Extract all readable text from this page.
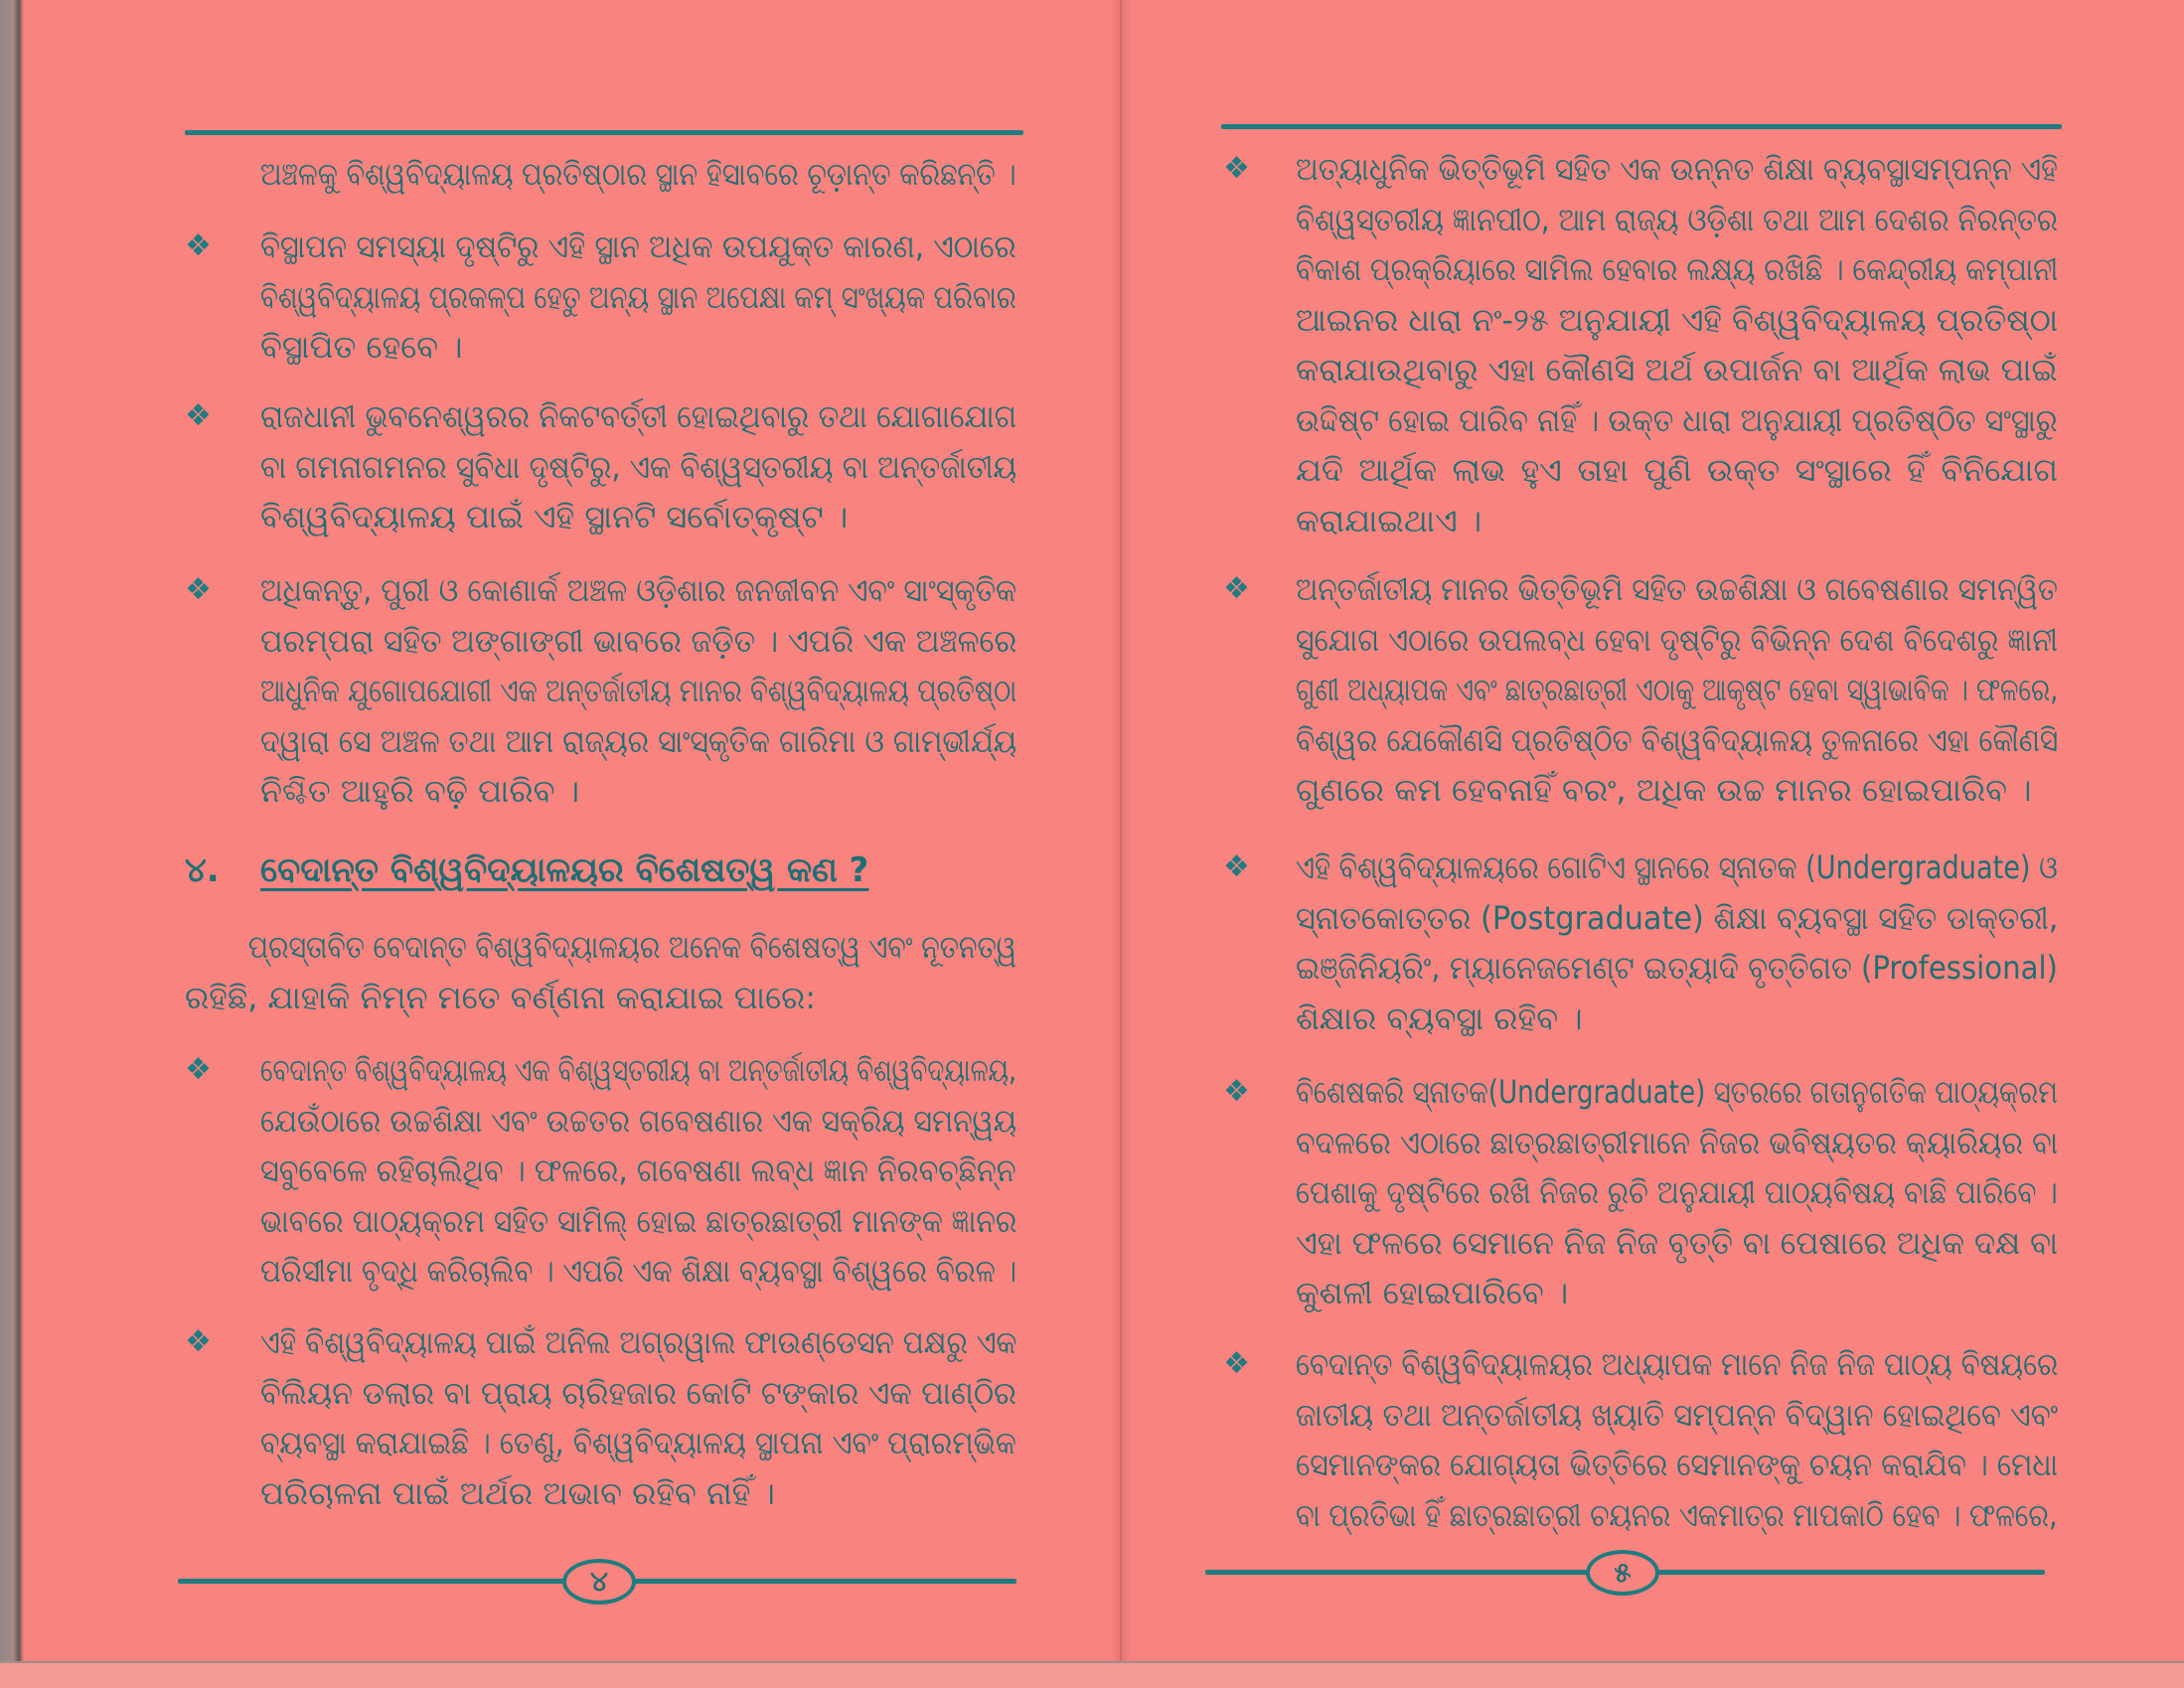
ଅଞ୍ଚଳକୁ ବିଶ୍ୱବିଦ୍ୟାଳୟ ପ୍ରତିଷ୍ଠାର ସ୍ଥାନ ହିସାବରେ ଚୂଡ଼ାନ୍ତ କରିଛନ୍ତି ।
❖
ବିସ୍ଥାପନ ସମସ୍ୟା ଦୃଷ୍ଟିରୁ ଏହି ସ୍ଥାନ ଅଧିକ ଉପଯୁକ୍ତ କାରଣ, ଏଠାରେ
ବିଶ୍ୱବିଦ୍ୟାଳୟ ପ୍ରକଳ୍ପ ହେତୁ ଅନ୍ୟ ସ୍ଥାନ ଅପେକ୍ଷା କମ୍ ସଂଖ୍ୟକ ପରିବାର
ବିସ୍ଥାପିତ ହେବେ ।
❖
ରାଜଧାନୀ ଭୁବନେଶ୍ୱରର ନିକଟବର୍ତ୍ତୀ ହୋଇଥିବାରୁ ତଥା ଯୋଗାଯୋଗ
ବା ଗମନାଗମନର ସୁବିଧା ଦୃଷ୍ଟିରୁ, ଏକ ବିଶ୍ୱସ୍ତରୀୟ ବା ଅନ୍ତର୍ଜାତୀୟ
ବିଶ୍ୱବିଦ୍ୟାଳୟ ପାଇଁ ଏହି ସ୍ଥାନଟି ସର୍ବୋତ୍କୃଷ୍ଟ ।
❖
ଅଧିକନ୍ତୁ, ପୁରୀ ଓ କୋଣାର୍କ ଅଞ୍ଚଳ ଓଡ଼ିଶାର ଜନଜୀବନ ଏବଂ ସାଂସ୍କୃତିକ
ପରମ୍ପରା ସହିତ ଅଙ୍ଗାଙ୍ଗୀ ଭାବରେ ଜଡ଼ିତ । ଏପରି ଏକ ଅଞ୍ଚଳରେ
ଆଧୁନିକ ଯୁଗୋପଯୋଗୀ ଏକ ଅନ୍ତର୍ଜାତୀୟ ମାନର ବିଶ୍ୱବିଦ୍ୟାଳୟ ପ୍ରତିଷ୍ଠା
ଦ୍ୱାରା ସେ ଅଞ୍ଚଳ ତଥା ଆମ ରାଜ୍ୟର ସାଂସ୍କୃତିକ ଗାରିମା ଓ ଗାମ୍ଭୀର୍ଯ୍ୟ
ନିଶ୍ଚିତ ଆହୁରି ବଢ଼ି ପାରିବ ।
୪. ବେଦାନ୍ତ ବିଶ୍ୱବିଦ୍ୟାଳୟର ବିଶେଷତ୍ୱ କଣ ?
ପ୍ରସ୍ତାବିତ ବେଦାନ୍ତ ବିଶ୍ୱବିଦ୍ୟାଳୟର ଅନେକ ବିଶେଷତ୍ୱ ଏବଂ ନୂତନତ୍ୱ
ରହିଛି, ଯାହାକି ନିମ୍ନ ମତେ ବର୍ଣ୍ଣନା କରାଯାଇ ପାରେ:
❖
ବେଦାନ୍ତ ବିଶ୍ୱବିଦ୍ୟାଳୟ ଏକ ବିଶ୍ୱସ୍ତରୀୟ ବା ଅନ୍ତର୍ଜାତୀୟ ବିଶ୍ୱବିଦ୍ୟାଳୟ,
ଯେଉଁଠାରେ ଉଚ୍ଚଶିକ୍ଷା ଏବଂ ଉଚ୍ଚତର ଗବେଷଣାର ଏକ ସକ୍ରିୟ ସମନ୍ୱୟ
ସବୁବେଳେ ରହିଚାଲିଥିବ । ଫଳରେ, ଗବେଷଣା ଲବ୍ଧ ଜ୍ଞାନ ନିରବଚ୍ଛିନ୍ନ
ଭାବରେ ପାଠ୍ୟକ୍ରମ ସହିତ ସାମିଲ୍ ହୋଇ ଛାତ୍ରଛାତ୍ରୀ ମାନଙ୍କ ଜ୍ଞାନର
ପରିସୀମା ବୃଦ୍ଧି କରିଚାଲିବ । ଏପରି ଏକ ଶିକ୍ଷା ବ୍ୟବସ୍ଥା ବିଶ୍ୱରେ ବିରଳ ।
❖
ଏହି ବିଶ୍ୱବିଦ୍ୟାଳୟ ପାଇଁ ଅନିଲ ଅଗ୍ରୱାଲ ଫାଉଣ୍ଡେସନ ପକ୍ଷରୁ ଏକ
ବିଲିୟନ ଡଲାର ବା ପ୍ରାୟ ଚାରିହଜାର କୋଟି ଟଙ୍କାର ଏକ ପାଣ୍ଠିର
ବ୍ୟବସ୍ଥା କରାଯାଇଛି । ତେଣୁ, ବିଶ୍ୱବିଦ୍ୟାଳୟ ସ୍ଥାପନା ଏବଂ ପ୍ରାରମ୍ଭିକ
ପରିଚାଳନା ପାଇଁ ଅର୍ଥର ଅଭାବ ରହିବ ନାହିଁ ।
୪
❖
ଅତ୍ୟାଧୁନିକ ଭିତ୍ତିଭୂମି ସହିତ ଏକ ଉନ୍ନତ ଶିକ୍ଷା ବ୍ୟବସ୍ଥାସମ୍ପନ୍ନ ଏହି
ବିଶ୍ୱସ୍ତରୀୟ ଜ୍ଞାନପୀଠ, ଆମ ରାଜ୍ୟ ଓଡ଼ିଶା ତଥା ଆମ ଦେଶର ନିରନ୍ତର
ବିକାଶ ପ୍ରକ୍ରିୟାରେ ସାମିଲ ହେବାର ଲକ୍ଷ୍ୟ ରଖିଛି । କେନ୍ଦ୍ରୀୟ କମ୍ପାନୀ
ଆଇନର ଧାରା ନଂ-୨୫ ଅନୁଯାୟୀ ଏହି ବିଶ୍ୱବିଦ୍ୟାଳୟ ପ୍ରତିଷ୍ଠା
କରାଯାଉଥିବାରୁ ଏହା କୌଣସି ଅର୍ଥ ଉପାର୍ଜନ ବା ଆର୍ଥିକ ଲାଭ ପାଇଁ
ଉଦ୍ଦିଷ୍ଟ ହୋଇ ପାରିବ ନାହିଁ । ଉକ୍ତ ଧାରା ଅନୁଯାୟୀ ପ୍ରତିଷ୍ଠିତ ସଂସ୍ଥାରୁ
ଯଦି ଆର୍ଥିକ ଲାଭ ହୁଏ ତାହା ପୁଣି ଉକ୍ତ ସଂସ୍ଥାରେ ହିଁ ବିନିଯୋଗ
କରାଯାଇଥାଏ ।
❖
ଅନ୍ତର୍ଜାତୀୟ ମାନର ଭିତ୍ତିଭୂମି ସହିତ ଉଚ୍ଚଶିକ୍ଷା ଓ ଗବେଷଣାର ସମନ୍ୱିତ
ସୁଯୋଗ ଏଠାରେ ଉପଲବ୍ଧ ହେବା ଦୃଷ୍ଟିରୁ ବିଭିନ୍ନ ଦେଶ ବିଦେଶରୁ ଜ୍ଞାନୀ
ଗୁଣୀ ଅଧ୍ୟାପକ ଏବଂ ଛାତ୍ରଛାତ୍ରୀ ଏଠାକୁ ଆକୃଷ୍ଟ ହେବା ସ୍ୱାଭାବିକ । ଫଳରେ,
ବିଶ୍ୱର ଯେକୌଣସି ପ୍ରତିଷ୍ଠିତ ବିଶ୍ୱବିଦ୍ୟାଳୟ ତୁଳନାରେ ଏହା କୌଣସି
ଗୁଣରେ କମ ହେବନାହିଁ ବରଂ, ଅଧିକ ଉଚ୍ଚ ମାନର ହୋଇପାରିବ ।
❖
ଏହି ବିଶ୍ୱବିଦ୍ୟାଳୟରେ ଗୋଟିଏ ସ୍ଥାନରେ ସ୍ନାତକ (Undergraduate) ଓ
ସ୍ନାତକୋତ୍ତର (Postgraduate) ଶିକ୍ଷା ବ୍ୟବସ୍ଥା ସହିତ ଡାକ୍ତରୀ,
ଇଞ୍ଜିନିୟରିଂ, ମ୍ୟାନେଜମେଣ୍ଟ ଇତ୍ୟାଦି ବୃତ୍ତିଗତ (Professional)
ଶିକ୍ଷାର ବ୍ୟବସ୍ଥା ରହିବ ।
❖
ବିଶେଷକରି ସ୍ନାତକ(Undergraduate) ସ୍ତରରେ ଗତାନୁଗତିକ ପାଠ୍ୟକ୍ରମ
ବଦଳରେ ଏଠାରେ ଛାତ୍ରଛାତ୍ରୀମାନେ ନିଜର ଭବିଷ୍ୟତର କ୍ୟାରିୟର ବା
ପେଶାକୁ ଦୃଷ୍ଟିରେ ରଖି ନିଜର ରୁଚି ଅନୁଯାୟୀ ପାଠ୍ୟବିଷୟ ବାଛି ପାରିବେ ।
ଏହା ଫଳରେ ସେମାନେ ନିଜ ନିଜ ବୃତ୍ତି ବା ପେଷାରେ ଅଧିକ ଦକ୍ଷ ବା
କୁଶଳୀ ହୋଇପାରିବେ ।
❖
ବେଦାନ୍ତ ବିଶ୍ୱବିଦ୍ୟାଳୟର ଅଧ୍ୟାପକ ମାନେ ନିଜ ନିଜ ପାଠ୍ୟ ବିଷୟରେ
ଜାତୀୟ ତଥା ଅନ୍ତର୍ଜାତୀୟ ଖ୍ୟାତି ସମ୍ପନ୍ନ ବିଦ୍ୱାନ ହୋଇଥିବେ ଏବଂ
ସେମାନଙ୍କର ଯୋଗ୍ୟତା ଭିତ୍ତିରେ ସେମାନଙ୍କୁ ଚୟନ କରାଯିବ । ମେଧା
ବା ପ୍ରତିଭା ହିଁ ଛାତ୍ରଛାତ୍ରୀ ଚୟନର ଏକମାତ୍ର ମାପକାଠି ହେବ । ଫଳରେ,
୫
